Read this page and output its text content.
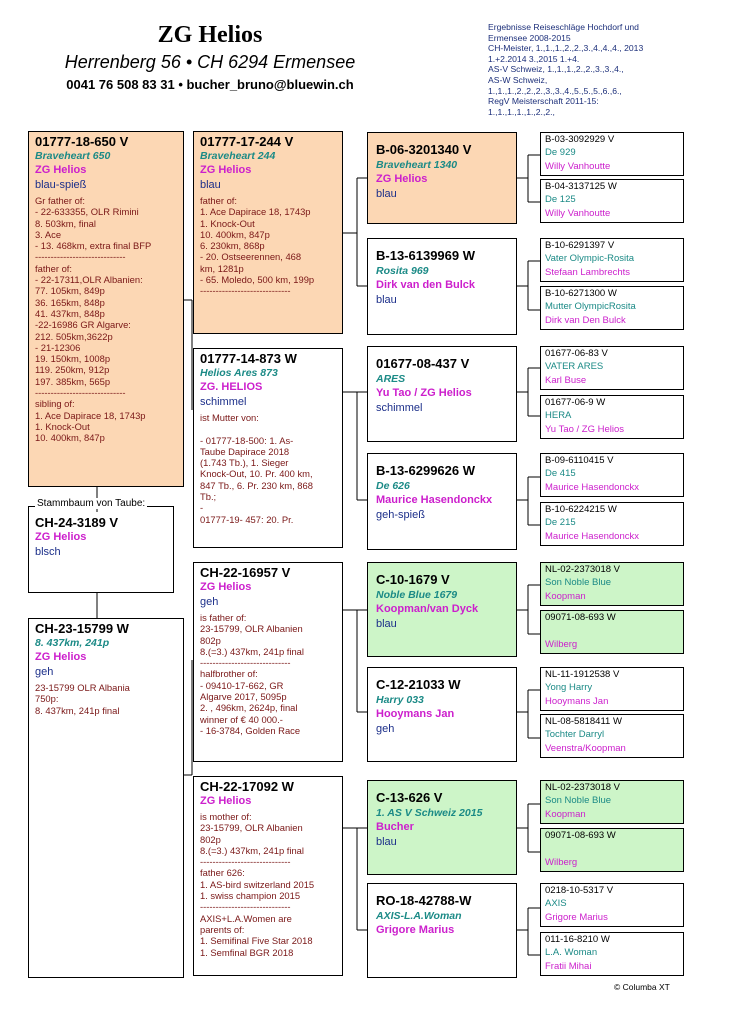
ZG Helios
Herrenberg 56 • CH 6294 Ermensee
0041 76 508 83 31 • bucher_bruno@bluewin.ch
Ergebnisse Reiseschläge Hochdorf und
Ermensee 2008-2015
CH-Meister, 1.,1.,1.,2.,2.,3.,4.,4.,4., 2013
1.+2.2014 3.,2015 1.+4.
AS-V Schweiz, 1.,1.,1.,2.,2.,3.,3.,4.,
AS-W Schweiz,
1.,1.,1.,2.,2.,2.,3.,3.,4.,5.,5.,5.,6.,6.,
RegV Meisterschaft 2011-15:
1.,1.,1.,1.,1.,2.,2.,
01777-18-650 V
Braveheart 650
ZG Helios
blau-spieß
Gr father of:
- 22-633355, OLR Rimini
8. 503km, final
3. Ace
- 13. 468km, extra final BFP
-----------------------------
father of:
- 22-17311,OLR Albanien:
77. 105km, 849p
36. 165km, 848p
41. 437km, 848p
-22-16986 GR Algarve:
212. 505km,3622p
- 21-12306
19. 150km, 1008p
119. 250km, 912p
197. 385km, 565p
-----------------------------
sibling of:
1. Ace Dapirace 18, 1743p
1. Knock-Out
10. 400km, 847p
CH-24-3189 V
ZG Helios
blsch
Stammbaum von Taube:
CH-23-15799 W
8. 437km, 241p
ZG Helios
geh
23-15799 OLR Albania
750p:
8. 437km, 241p final
01777-17-244 V
Braveheart 244
ZG Helios
blau
father of:
1. Ace Dapirace 18, 1743p
1. Knock-Out
10. 400km, 847p
6. 230km, 868p
- 20. Ostseerennen, 468
km, 1281p
- 65. Moledo, 500 km, 199p
-----------------------------
01777-14-873 W
Helios Ares 873
ZG. HELIOS
schimmel
ist Mutter von:

- 01777-18-500: 1. As-
Taube Dapirace 2018
(1.743 Tb.), 1. Sieger
Knock-Out, 10. Pr. 400 km,
847 Tb., 6. Pr. 230 km, 868
Tb.;
-
01777-19- 457: 20. Pr.
CH-22-16957 V
ZG Helios
geh
is father of:
23-15799, OLR Albanien
802p
8.(=3.) 437km, 241p final
-----------------------------
halfbrother of:
- 09410-17-662, GR
Algarve 2017, 5095p
2. , 496km, 2624p, final
winner of € 40 000.-
- 16-3784, Golden Race
CH-22-17092 W
ZG Helios
is mother of:
23-15799, OLR Albanien
802p
8.(=3.) 437km, 241p final
-----------------------------
father 626:
1. AS-bird switzerland 2015
1. swiss champion 2015
-----------------------------
AXIS+L.A.Women are
parents of:
1. Semifinal Five Star 2018
1. Semfinal BGR 2018
B-06-3201340 V
Braveheart 1340
ZG Helios
blau
B-13-6139969 W
Rosita 969
Dirk van den Bulck
blau
01677-08-437 V
ARES
Yu Tao / ZG Helios
schimmel
B-13-6299626 W
De 626
Maurice Hasendonckx
geh-spieß
C-10-1679 V
Noble Blue 1679
Koopman/van Dyck
blau
C-12-21033 W
Harry 033
Hooymans Jan
geh
C-13-626 V
1. AS V Schweiz 2015
Bucher
blau
RO-18-42788-W
AXIS-L.A.Woman
Grigore Marius
B-03-3092929 V
De 929
Willy Vanhoutte
B-04-3137125 W
De 125
Willy Vanhoutte
B-10-6291397 V
Vater Olympic-Rosita
Stefaan Lambrechts
B-10-6271300 W
Mutter OlympicRosita
Dirk van Den Bulck
01677-06-83 V
VATER ARES
Karl Buse
01677-06-9 W
HERA
Yu Tao / ZG Helios
B-09-6110415 V
De 415
Maurice Hasendonckx
B-10-6224215 W
De 215
Maurice Hasendonckx
NL-02-2373018 V
Son Noble Blue
Koopman
09071-08-693 W

Wilberg
NL-11-1912538 V
Yong Harry
Hooymans Jan
NL-08-5818411 W
Tochter Darryl
Veenstra/Koopman
NL-02-2373018 V
Son Noble Blue
Koopman
09071-08-693 W

Wilberg
0218-10-5317 V
AXIS
Grigore Marius
011-16-8210 W
L.A. Woman
Fratii Mihai
© Columba XT
